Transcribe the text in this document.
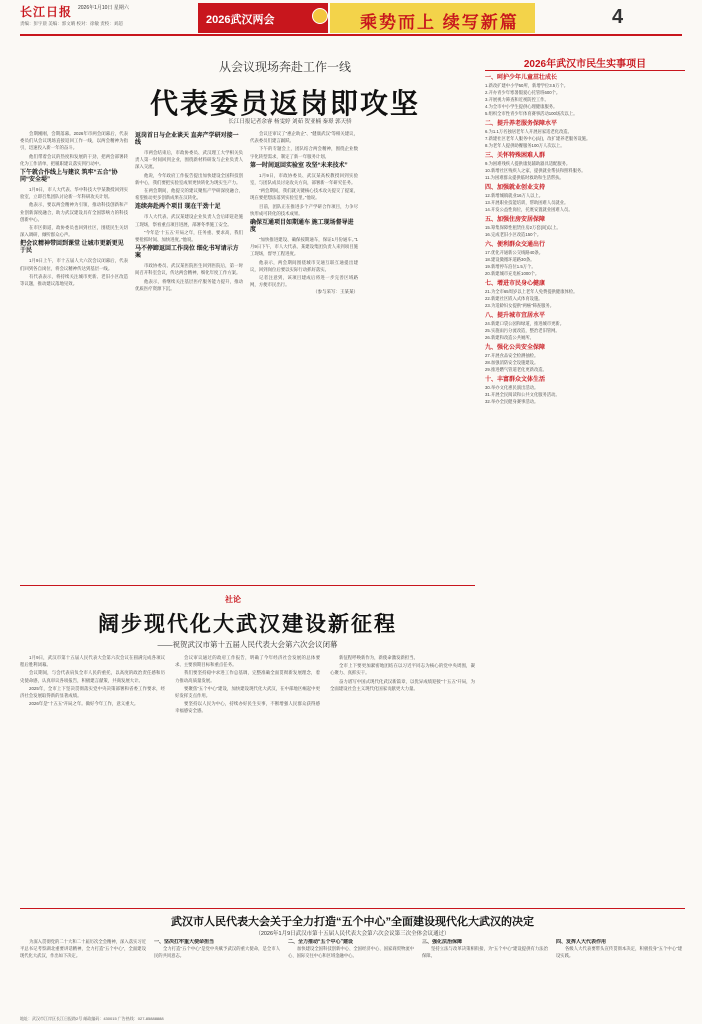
长江日报	2026年1月10日 星期六
责编：彭宇晨 美编：郭文晴 校对：徐敏 责校：刘超	2026武汉两会	乘势而上 续写新篇	4
从会议现场奔赴工作一线
代表委员返岗即攻坚
长江日报记者余睿 杨雯婷 刘茹 贺亚楠 秦璟 郭天骄

会期刚刚，会期落幕。2026年市两会闭幕后，代表委员们从会议现场直接返回工作一线，以两会精神为指引，迅速投入新一年的奋斗。

他们带着会议的热度和发展的干劲，把两会部署转化为工作清单，把履职建议落实到行动中。

下午就合作线上与建议 筑牢“五合”协同“安全堤”

1月9日，市人大代表、华中科技大学某教授回到实验室，立即召集团队讨论新一年科研攻关计划。

他表示，要以两会精神为引领，推动科技创新和产业创新深度融合，助力武汉建设具有全国影响力的科技创新中心。

在市区街道，政协委员也回到社区，围绕民生关切深入调研，倾听群众心声。

把会议精神带回到课堂 让城市更新更见于民

1月9日上午，市十五届人大六次会议闭幕后，代表们回到各自岗位，将会议精神传达到基层一线。

有代表表示，将持续关注城市更新、老旧小区改造等议题，推动建议落地见效。

返岗首日与企业谈天 直奔产学研对接一线

市两会结束后，市政协委员、武汉理工大学相关负责人第一时间回到企业，围绕新材料研发与企业负责人深入交流。

他说，今年政府工作报告提出加快建设全国科技创新中心，我们要把实验室成果更快转化为现实生产力。

在两会期间，他提交的建议聚焦产学研深度融合，希望推动更多创新成果在汉转化。

连续奔赴两个项目 现在干劲十足

市人大代表、武汉某建设企业负责人会后即赶赴施工现场，察看重点项目进展，部署冬季施工安全。

“今年是‘十五五’开局之年，任务重、要求高，我们要抢抓时间、加快进度。”他说。

马不停蹄返回工作岗位 细化书写请示方案

市政协委员、武汉某医院医生回到医院后，第一时间召开科室会议，传达两会精神，细化年度工作方案。

他表示，将继续关注基层医疗服务能力提升，推动优质医疗资源下沉。

会议还审议了“惠企助企”、“健康武汉”等相关建议，代表委员们建言踊跃。

下午的专题会上，团队结合两会精神，围绕企业数字化转型需求，制定了新一年服务计划。

第一时间返回实验室 攻坚“未来技术”

1月9日，市政协委员、武汉某高校教授回到实验室，与团队成员讨论攻关方向，部署新一年研究任务。

“两会期间，我们就关键核心技术攻关提交了提案，现在要把想法落到实验室里。”他说。

目前，团队正在推进多个产学研合作项目，力争尽快形成可转化的技术成果。

确保互通项目如期通车 施工现场督导进度

“加快推进建设、确保按期通车，保证1月份通车。”1月9日下午，市人大代表、某建设集团负责人来到项目施工现场，督导工程进度。

他表示，两会期间围绕城市交通互联互通提出建议，回到岗位后要以实际行动抓好落实。

记者注意到，该项目建成后将进一步完善区域路网，方便市民出行。

（参与采写：王某某）
2026年武汉市民生实事项目
一、呵护少年儿童茁壮成长

1.新改扩建中小学50所，新增学位3.5万个。

2.开办青少年寒暑假爱心托管班600个。

3.开展视力筛查和近视防控工作。

4.为全市中小学生提供心理健康服务。

5.组织全市性青少年体育赛事活动100场次以上。

二、提升养老服务保障水平

6.为1.1万名独居老年人开展居家适老化改造。

7.新建社区老年人服务中心(站)，改扩建养老服务设施。

8.为老年人提供助餐服务100万人次以上。

三、关怀特殊困难人群

9.为困难残疾人提供康复辅助器具适配服务。

10.新增社区残疾人之家，提供就业帮扶和照料服务。

11.为困难群众提供临时救助和生活帮扶。

四、加强就业创业支持

12.新增城镇就业16万人以上。

13.开展职业技能培训，帮助困难人员就业。

14.开发公益性岗位，托底安置就业困难人员。

五、加强住房安居保障

15.筹集保障性租赁住房2万套(间)以上。

16.完成老旧小区改造150个。

六、便利群众交通出行

17.优化开通新公交线路40条。

18.建设微循环道路30条。

19.新增停车泊位1.5万个。

20.新建城市充电桩1000个。

七、增进市民身心健康

21.为全市65周岁以上老年人免费提供健康体检。

22.新建社区嵌入式体育设施。

23.为适龄妇女提供“两癌”筛查服务。

八、提升城市宜居水平

24.新建口袋公园和绿道，推进城市更新。

25.实施雨污分流改造，整治老旧管网。

26.新建和改造公共厕所。

九、强化公共安全保障

27.开展食品安全检测抽检。

28.加强消防安全设施建设。

29.推进燃气管道老化更新改造。

十、丰富群众文体生活

30.举办文化惠民演出活动。

31.开展全民阅读和公共文化服务活动。

32.举办全民健身赛事活动。

社论
阔步现代化大武汉建设新征程
——祝贺武汉市第十五届人民代表大会第六次会议闭幕

1月9日，武汉市第十五届人民代表大会第六次会议在圆满完成各项议程后胜利闭幕。

会议期间，与会代表肩负全市人民的重托，以高度的政治责任感和历史使命感，认真审议各项报告，积极建言献策，共商发展大计。

2025年，全市上下坚决贯彻落实党中央决策部署和省委工作要求，经济社会发展取得新的显著成绩。

2026年是“十五五”开局之年。做好今年工作，意义重大。

会议审议通过的政府工作报告，明确了今年经济社会发展的总体要求、主要预期目标和重点任务。

我们要坚持稳中求进工作总基调，完整准确全面贯彻新发展理念，着力推动高质量发展。

要聚焦“五个中心”建设，加快建设现代化大武汉，在中部地区崛起中更好发挥支点作用。

要坚持以人民为中心，持续办好民生实事，不断增强人民群众获得感幸福感安全感。

新征程呼唤新作为，新使命激发新担当。

全市上下要更加紧密地团结在以习近平同志为核心的党中央周围，凝心聚力、真抓实干。

奋力谱写中国式现代化武汉新篇章，以优异成绩迎接“十五五”开局，为全面建设社会主义现代化国家贡献更大力量。

武汉市人民代表大会关于全力打造“五个中心”全面建设现代化大武汉的决定
（2026年1月9日武汉市第十五届人民代表大会第六次会议第三次全体会议通过）

为深入贯彻党的二十大和二十届历次全会精神，深入落实习近平总书记考察湖北重要讲话精神，全力打造“五个中心”，全面建设现代化大武汉，作出如下决定。

一、坚决扛牢重大使命担当

全力打造“五个中心”是党中央赋予武汉的重大使命，是全市人民的共同意志。

二、全力推动“五个中心”建设

加快建设全国科技创新中心、全国经济中心、国家商贸物流中心、国际交往中心和区域金融中心。

三、强化法治保障

坚持立法与改革决策相衔接，为“五个中心”建设提供有力法治保障。

四、发挥人大代表作用

各级人大代表要带头宣传贯彻本决定，积极投身“五个中心”建设实践。

地址：武汉市江岸区长江日报路2号 邮政编码：430015 广告热线：027-85888888
